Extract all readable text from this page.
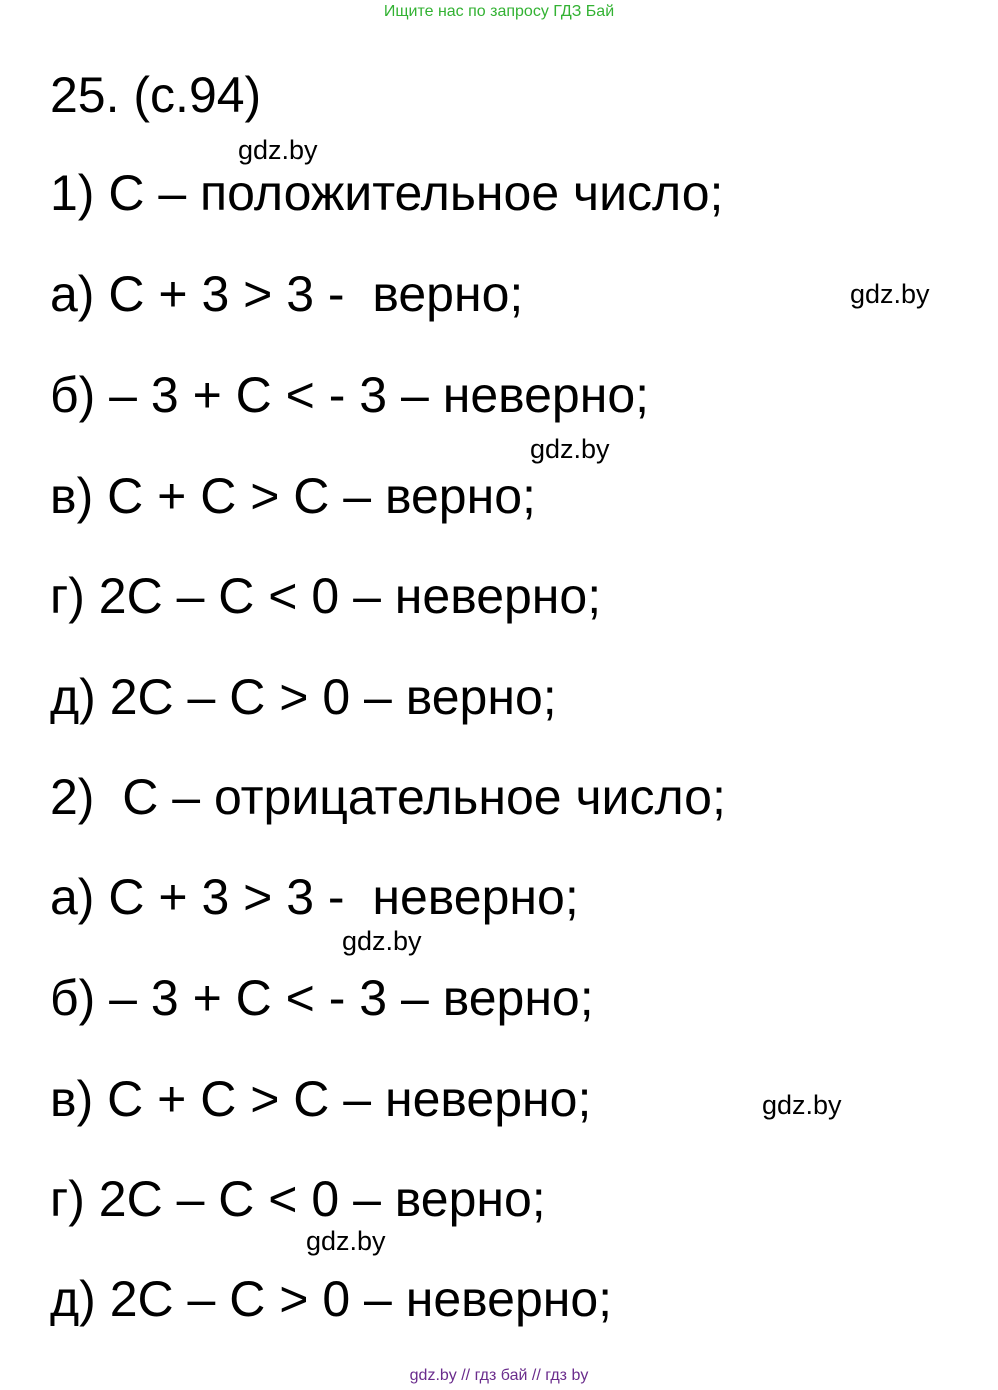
Ищите нас по запросу ГДЗ Бай
25. (с.94)
1) С – положительное число;
а) С + 3 > 3 -  верно;
б) – 3 + С < - 3 – неверно;
в) С + С > С – верно;
г) 2С – С < 0 – неверно;
д) 2С – С > 0 – верно;
2)  С – отрицательное число;
а) С + 3 > 3 -  неверно;
б) – 3 + С < - 3 – верно;
в) С + С > С – неверно;
г) 2С – С < 0 – верно;
д) 2С – С > 0 – неверно;
gdz.by
gdz.by
gdz.by
gdz.by
gdz.by
gdz.by
gdz.by // гдз бай // гдз by
